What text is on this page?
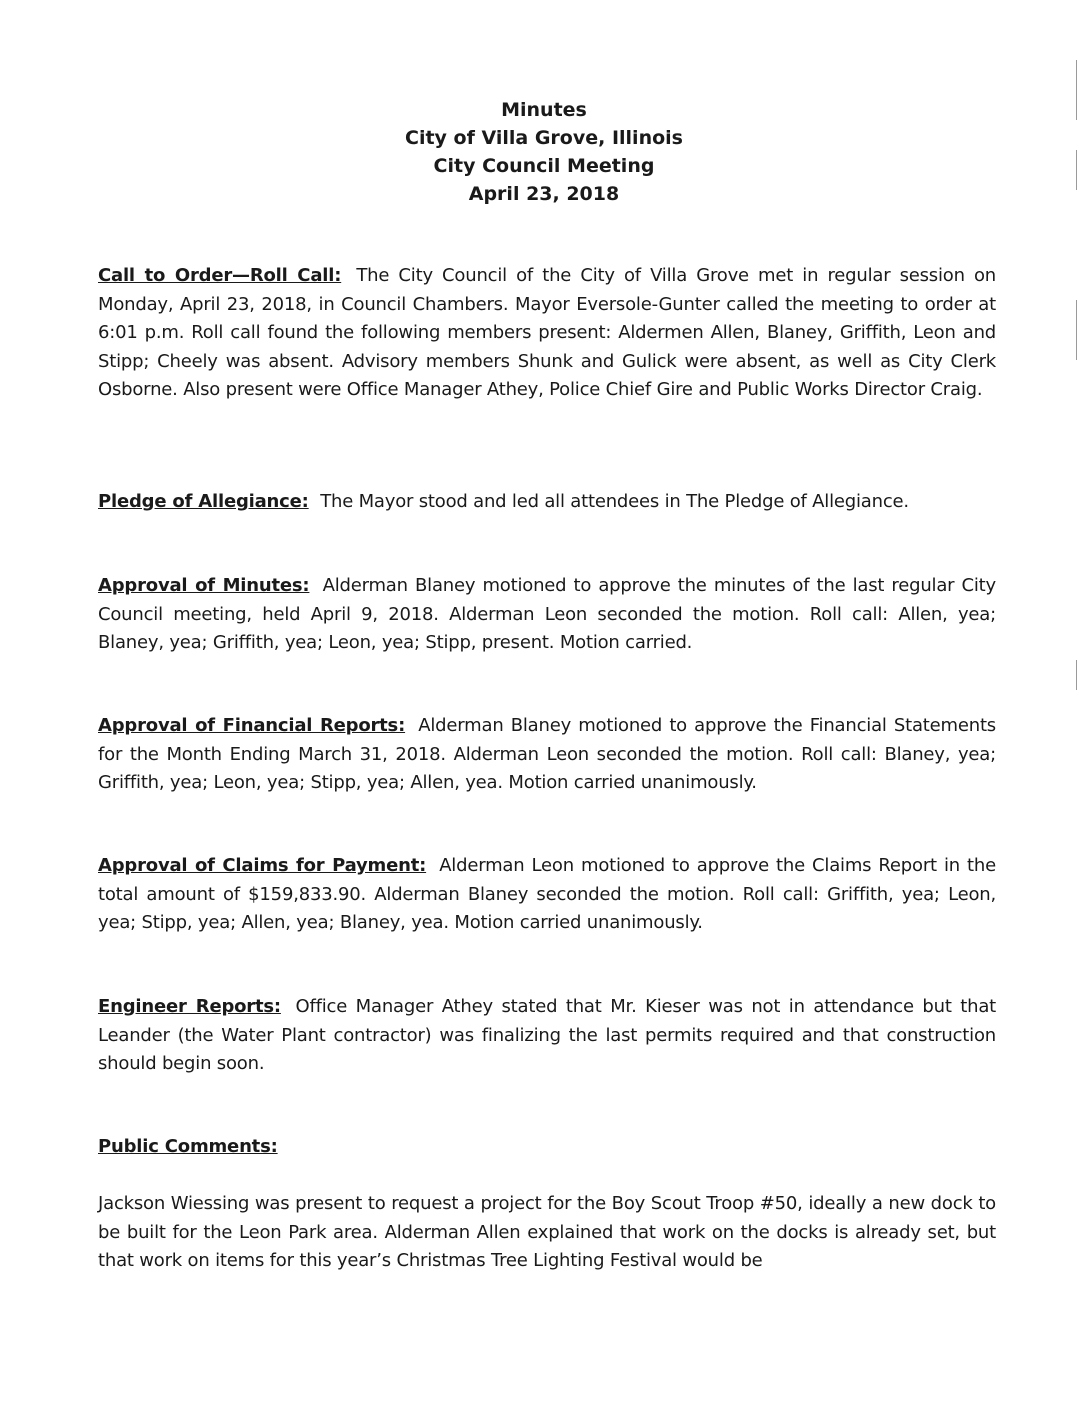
Minutes
City of Villa Grove, Illinois
City Council Meeting
April 23, 2018
Call to Order—Roll Call: The City Council of the City of Villa Grove met in regular session on Monday, April 23, 2018, in Council Chambers. Mayor Eversole-Gunter called the meeting to order at 6:01 p.m. Roll call found the following members present: Aldermen Allen, Blaney, Griffith, Leon and Stipp; Cheely was absent. Advisory members Shunk and Gulick were absent, as well as City Clerk Osborne. Also present were Office Manager Athey, Police Chief Gire and Public Works Director Craig.
Pledge of Allegiance: The Mayor stood and led all attendees in The Pledge of Allegiance.
Approval of Minutes: Alderman Blaney motioned to approve the minutes of the last regular City Council meeting, held April 9, 2018. Alderman Leon seconded the motion. Roll call: Allen, yea; Blaney, yea; Griffith, yea; Leon, yea; Stipp, present. Motion carried.
Approval of Financial Reports: Alderman Blaney motioned to approve the Financial Statements for the Month Ending March 31, 2018. Alderman Leon seconded the motion. Roll call: Blaney, yea; Griffith, yea; Leon, yea; Stipp, yea; Allen, yea. Motion carried unanimously.
Approval of Claims for Payment: Alderman Leon motioned to approve the Claims Report in the total amount of $159,833.90. Alderman Blaney seconded the motion. Roll call: Griffith, yea; Leon, yea; Stipp, yea; Allen, yea; Blaney, yea. Motion carried unanimously.
Engineer Reports: Office Manager Athey stated that Mr. Kieser was not in attendance but that Leander (the Water Plant contractor) was finalizing the last permits required and that construction should begin soon.
Public Comments:
Jackson Wiessing was present to request a project for the Boy Scout Troop #50, ideally a new dock to be built for the Leon Park area. Alderman Allen explained that work on the docks is already set, but that work on items for this year’s Christmas Tree Lighting Festival would be
